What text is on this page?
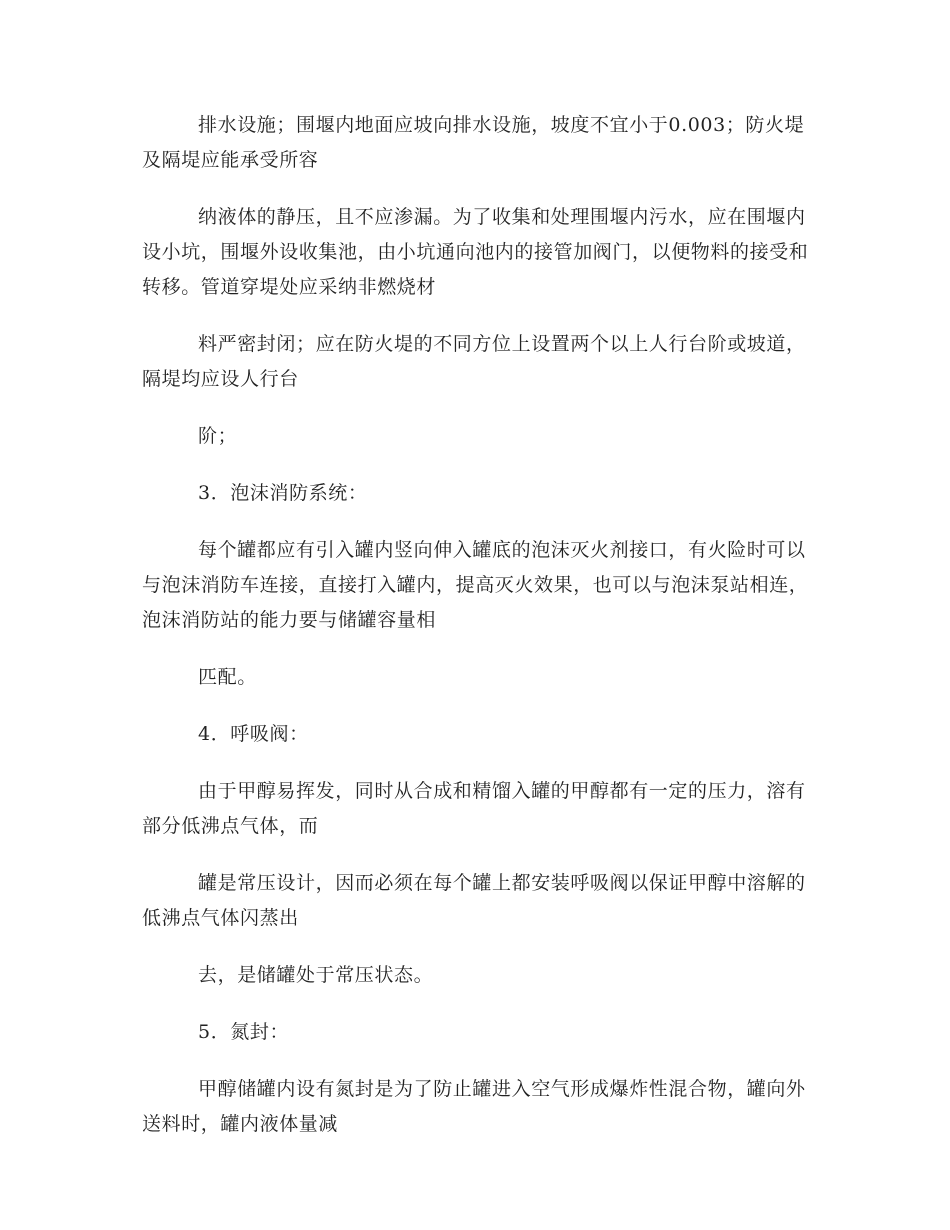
排水设施；围堰内地面应坡向排水设施，坡度不宜小于0.003；防火堤及隔堤应能承受所容

纳液体的静压，且不应渗漏。为了收集和处理围堰内污水，应在围堰内设小坑，围堰外设收集池，由小坑通向池内的接管加阀门，以便物料的接受和转移。管道穿堤处应采纳非燃烧材

料严密封闭；应在防火堤的不同方位上设置两个以上人行台阶或坡道，隔堤均应设人行台

阶；

3．泡沫消防系统：

每个罐都应有引入罐内竖向伸入罐底的泡沫灭火剂接口，有火险时可以与泡沫消防车连接，直接打入罐内，提高灭火效果，也可以与泡沫泵站相连，泡沫消防站的能力要与储罐容量相

匹配。

4．呼吸阀：

由于甲醇易挥发，同时从合成和精馏入罐的甲醇都有一定的压力，溶有部分低沸点气体，而

罐是常压设计，因而必须在每个罐上都安装呼吸阀以保证甲醇中溶解的低沸点气体闪蒸出

去，是储罐处于常压状态。

5．氮封：

甲醇储罐内设有氮封是为了防止罐进入空气形成爆炸性混合物，罐向外送料时，罐内液体量减
